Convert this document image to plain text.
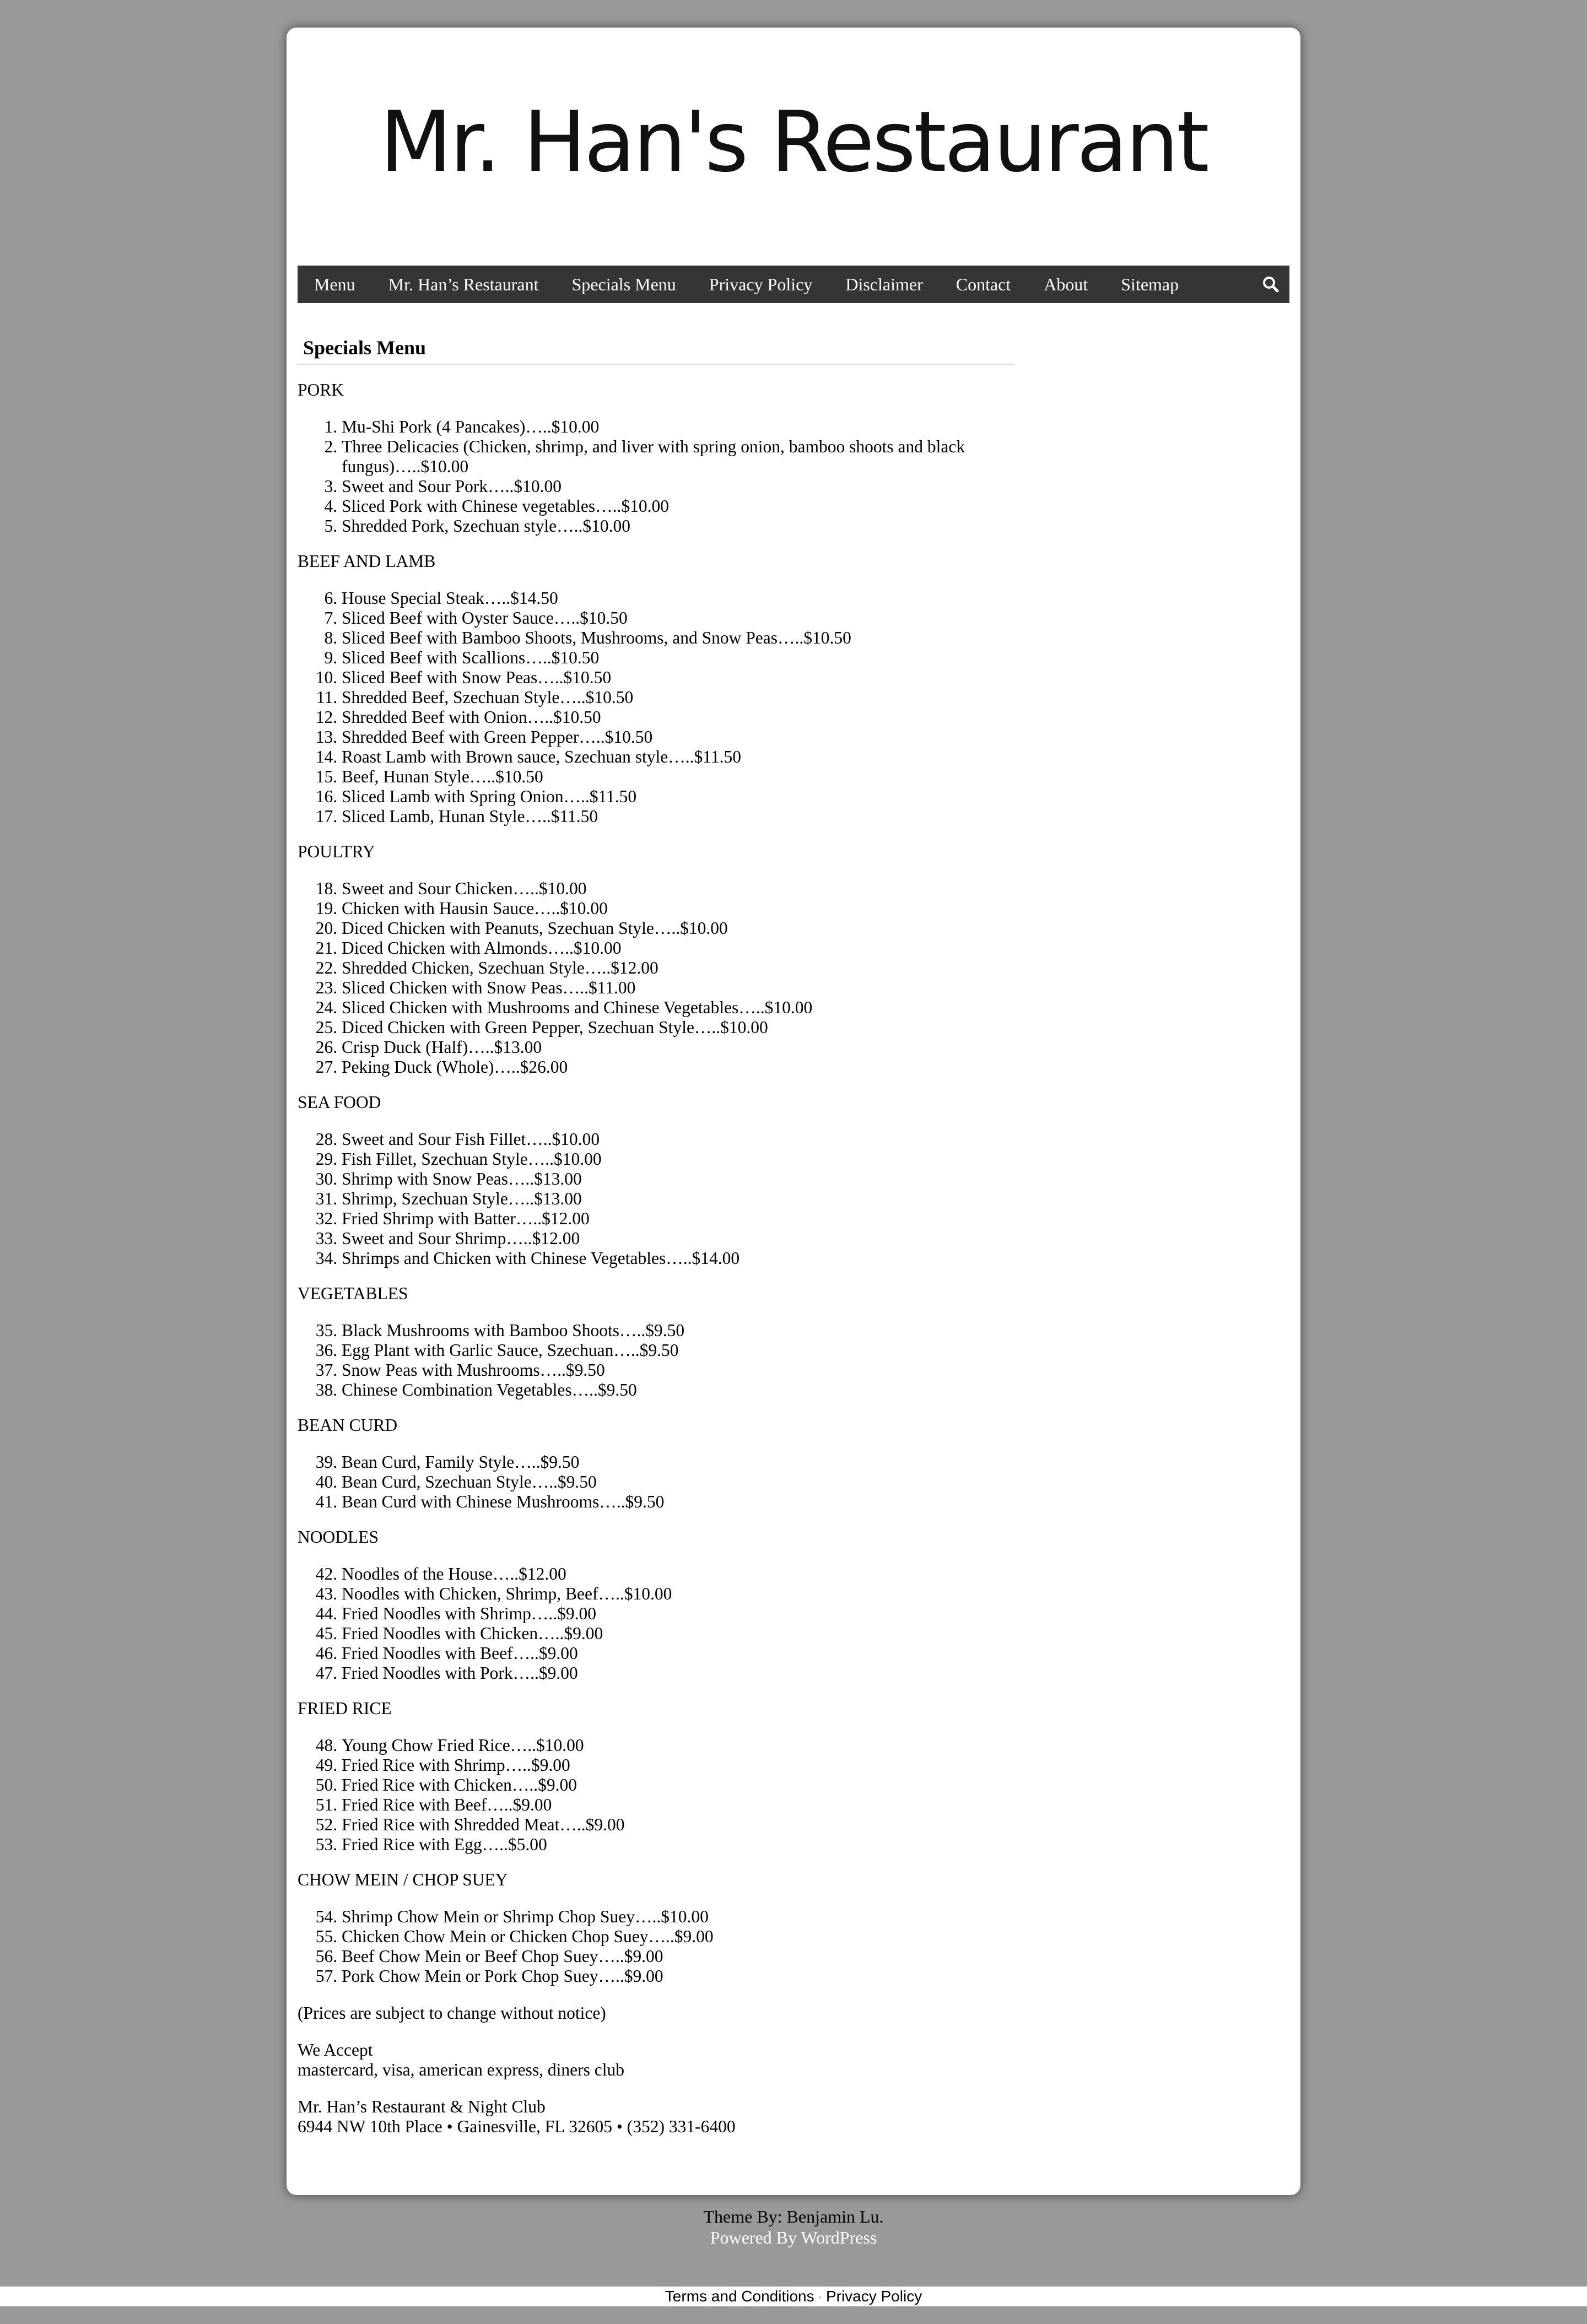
Mr. Han's Restaurant
Menu	Mr. Han’s Restaurant	Specials Menu	Privacy Policy	Disclaimer	Contact	About	Sitemap
Specials Menu

PORK

1. Mu-Shi Pork (4 Pancakes)…..$10.00
2. Three Delicacies (Chicken, shrimp, and liver with spring onion, bamboo shoots and black fungus)…..$10.00
3. Sweet and Sour Pork…..$10.00
4. Sliced Pork with Chinese vegetables…..$10.00
5. Shredded Pork, Szechuan style…..$10.00

BEEF AND LAMB

6. House Special Steak…..$14.50
7. Sliced Beef with Oyster Sauce…..$10.50
8. Sliced Beef with Bamboo Shoots, Mushrooms, and Snow Peas…..$10.50
9. Sliced Beef with Scallions…..$10.50
10. Sliced Beef with Snow Peas…..$10.50
11. Shredded Beef, Szechuan Style…..$10.50
12. Shredded Beef with Onion…..$10.50
13. Shredded Beef with Green Pepper…..$10.50
14. Roast Lamb with Brown sauce, Szechuan style…..$11.50
15. Beef, Hunan Style…..$10.50
16. Sliced Lamb with Spring Onion…..$11.50
17. Sliced Lamb, Hunan Style…..$11.50

POULTRY

18. Sweet and Sour Chicken…..$10.00
19. Chicken with Hausin Sauce…..$10.00
20. Diced Chicken with Peanuts, Szechuan Style…..$10.00
21. Diced Chicken with Almonds…..$10.00
22. Shredded Chicken, Szechuan Style…..$12.00
23. Sliced Chicken with Snow Peas…..$11.00
24. Sliced Chicken with Mushrooms and Chinese Vegetables…..$10.00
25. Diced Chicken with Green Pepper, Szechuan Style…..$10.00
26. Crisp Duck (Half)…..$13.00
27. Peking Duck (Whole)…..$26.00

SEA FOOD

28. Sweet and Sour Fish Fillet…..$10.00
29. Fish Fillet, Szechuan Style…..$10.00
30. Shrimp with Snow Peas…..$13.00
31. Shrimp, Szechuan Style…..$13.00
32. Fried Shrimp with Batter…..$12.00
33. Sweet and Sour Shrimp…..$12.00
34. Shrimps and Chicken with Chinese Vegetables…..$14.00

VEGETABLES

35. Black Mushrooms with Bamboo Shoots…..$9.50
36. Egg Plant with Garlic Sauce, Szechuan…..$9.50
37. Snow Peas with Mushrooms…..$9.50
38. Chinese Combination Vegetables…..$9.50

BEAN CURD

39. Bean Curd, Family Style…..$9.50
40. Bean Curd, Szechuan Style…..$9.50
41. Bean Curd with Chinese Mushrooms…..$9.50

NOODLES

42. Noodles of the House…..$12.00
43. Noodles with Chicken, Shrimp, Beef…..$10.00
44. Fried Noodles with Shrimp…..$9.00
45. Fried Noodles with Chicken…..$9.00
46. Fried Noodles with Beef…..$9.00
47. Fried Noodles with Pork…..$9.00

FRIED RICE

48. Young Chow Fried Rice…..$10.00
49. Fried Rice with Shrimp…..$9.00
50. Fried Rice with Chicken…..$9.00
51. Fried Rice with Beef…..$9.00
52. Fried Rice with Shredded Meat…..$9.00
53. Fried Rice with Egg…..$5.00

CHOW MEIN / CHOP SUEY

54. Shrimp Chow Mein or Shrimp Chop Suey…..$10.00
55. Chicken Chow Mein or Chicken Chop Suey…..$9.00
56. Beef Chow Mein or Beef Chop Suey…..$9.00
57. Pork Chow Mein or Pork Chop Suey…..$9.00

(Prices are subject to change without notice)

We Accept
mastercard, visa, american express, diners club

Mr. Han’s Restaurant & Night Club
6944 NW 10th Place • Gainesville, FL 32605 • (352) 331-6400

Theme By: Benjamin Lu.
Powered By WordPress
Terms and Conditions · Privacy Policy
